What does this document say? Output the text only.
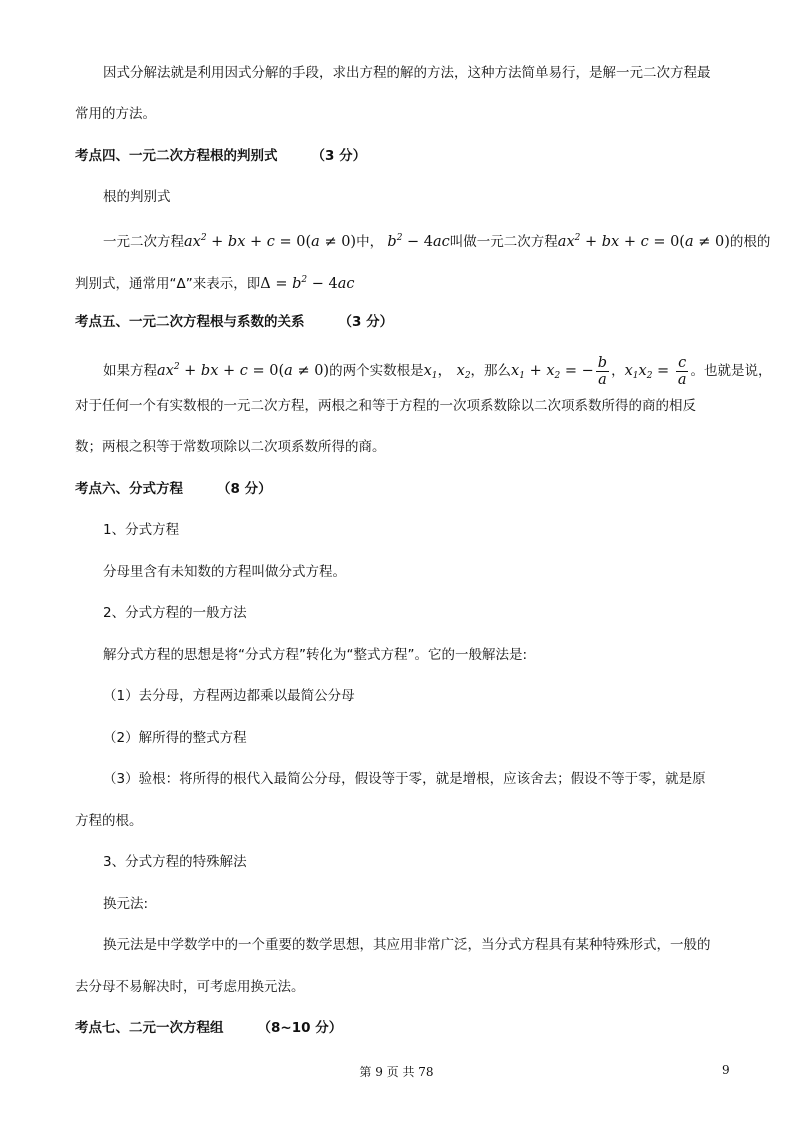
因式分解法就是利用因式分解的手段，求出方程的解的方法，这种方法简单易行，是解一元二次方程最
常用的方法。
考点四、一元二次方程根的判别式	（3 分）
根的判别式
一元二次方程$ax^2$ + bx + c = 0(a ≠ 0)中， $b^2 - 4ac$叫做一元二次方程$ax^2$ + bx + c = 0(a ≠ 0)的根的
判别式，通常用“Δ”来表示，即$\Delta = b^2 - 4ac$
考点五、一元二次方程根与系数的关系	（3 分）
如果方程$ax^2$ + bx + c = 0(a ≠ 0)的两个实数根是$x_1$， $x_2$，那么$x_1 + x_2$ = − $\frac{b}{a}$ ，$x_1x_2 = \frac{c}{a}$ 。也就是说，
对于任何一个有实数根的一元二次方程，两根之和等于方程的一次项系数除以二次项系数所得的商的相反
数；两根之积等于常数项除以二次项系数所得的商。
考点六、分式方程	（8 分）
1、分式方程
分母里含有未知数的方程叫做分式方程。
2、分式方程的一般方法
解分式方程的思想是将“分式方程”转化为“整式方程”。它的一般解法是:
（1）去分母，方程两边都乘以最简公分母
（2）解所得的整式方程
（3）验根：将所得的根代入最简公分母，假设等于零，就是增根，应该舍去；假设不等于零，就是原
方程的根。
3、分式方程的特殊解法
换元法:
换元法是中学数学中的一个重要的数学思想，其应用非常广泛，当分式方程具有某种特殊形式，一般的
去分母不易解决时，可考虑用换元法。
考点七、二元一次方程组	（8~10 分）
第 9 页 共 78	9
